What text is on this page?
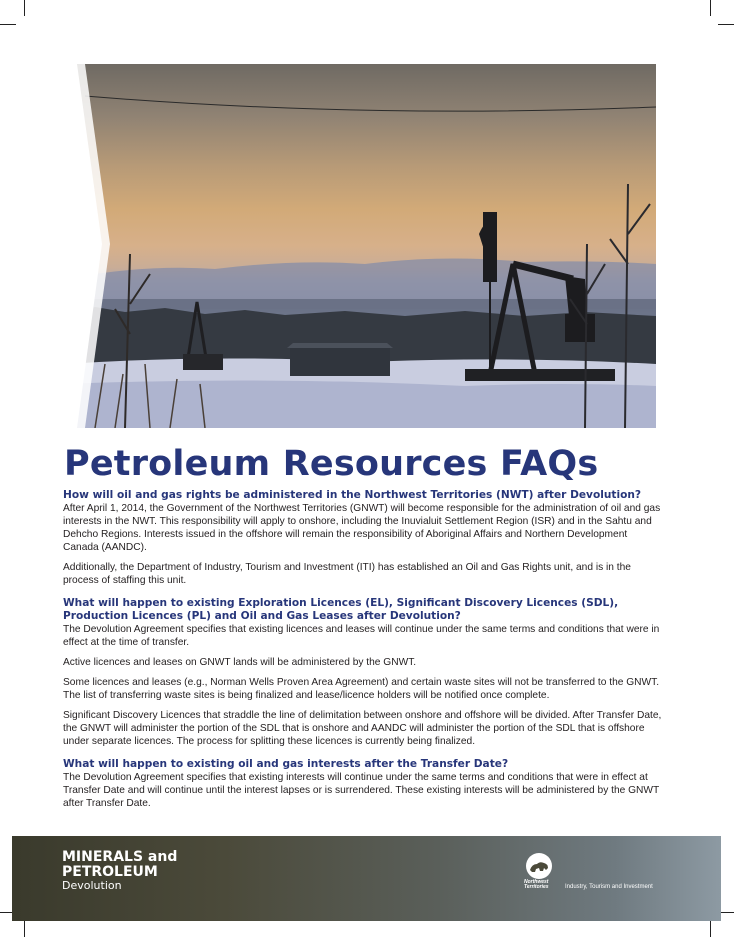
Petroleum Resources FAQs

How will oil and gas rights be administered in the Northwest Territories (NWT) after Devolution?

After April 1, 2014, the Government of the Northwest Territories (GNWT) will become responsible for the administration of oil and gas interests in the NWT. This responsibility will apply to onshore, including the Inuvialuit Settlement Region (ISR) and in the Sahtu and Dehcho Regions. Interests issued in the offshore will remain the responsibility of Aboriginal Affairs and Northern Development Canada (AANDC).

Additionally, the Department of Industry, Tourism and Investment (ITI) has established an Oil and Gas Rights unit, and is in the process of staffing this unit.

What will happen to existing Exploration Licences (EL), Significant Discovery Licences (SDL), Production Licences (PL) and Oil and Gas Leases after Devolution?

The Devolution Agreement specifies that existing licences and leases will continue under the same terms and conditions that were in effect at the time of transfer.

Active licences and leases on GNWT lands will be administered by the GNWT.

Some licences and leases (e.g., Norman Wells Proven Area Agreement) and certain waste sites will not be transferred to the GNWT. The list of transferring waste sites is being finalized and lease/licence holders will be notified once complete.

Significant Discovery Licences that straddle the line of delimitation between onshore and offshore will be divided. After Transfer Date, the GNWT will administer the portion of the SDL that is onshore and AANDC will administer the portion of the SDL that is offshore under separate licences. The process for splitting these licences is currently being finalized.

What will happen to existing oil and gas interests after the Transfer Date?

The Devolution Agreement specifies that existing interests will continue under the same terms and conditions that were in effect at Transfer Date and will continue until the interest lapses or is surrendered. These existing interests will be administered by the GNWT after Transfer Date.

MINERALS and
PETROLEUM
Devolution	Northwest
Territories	Industry, Tourism and Investment
